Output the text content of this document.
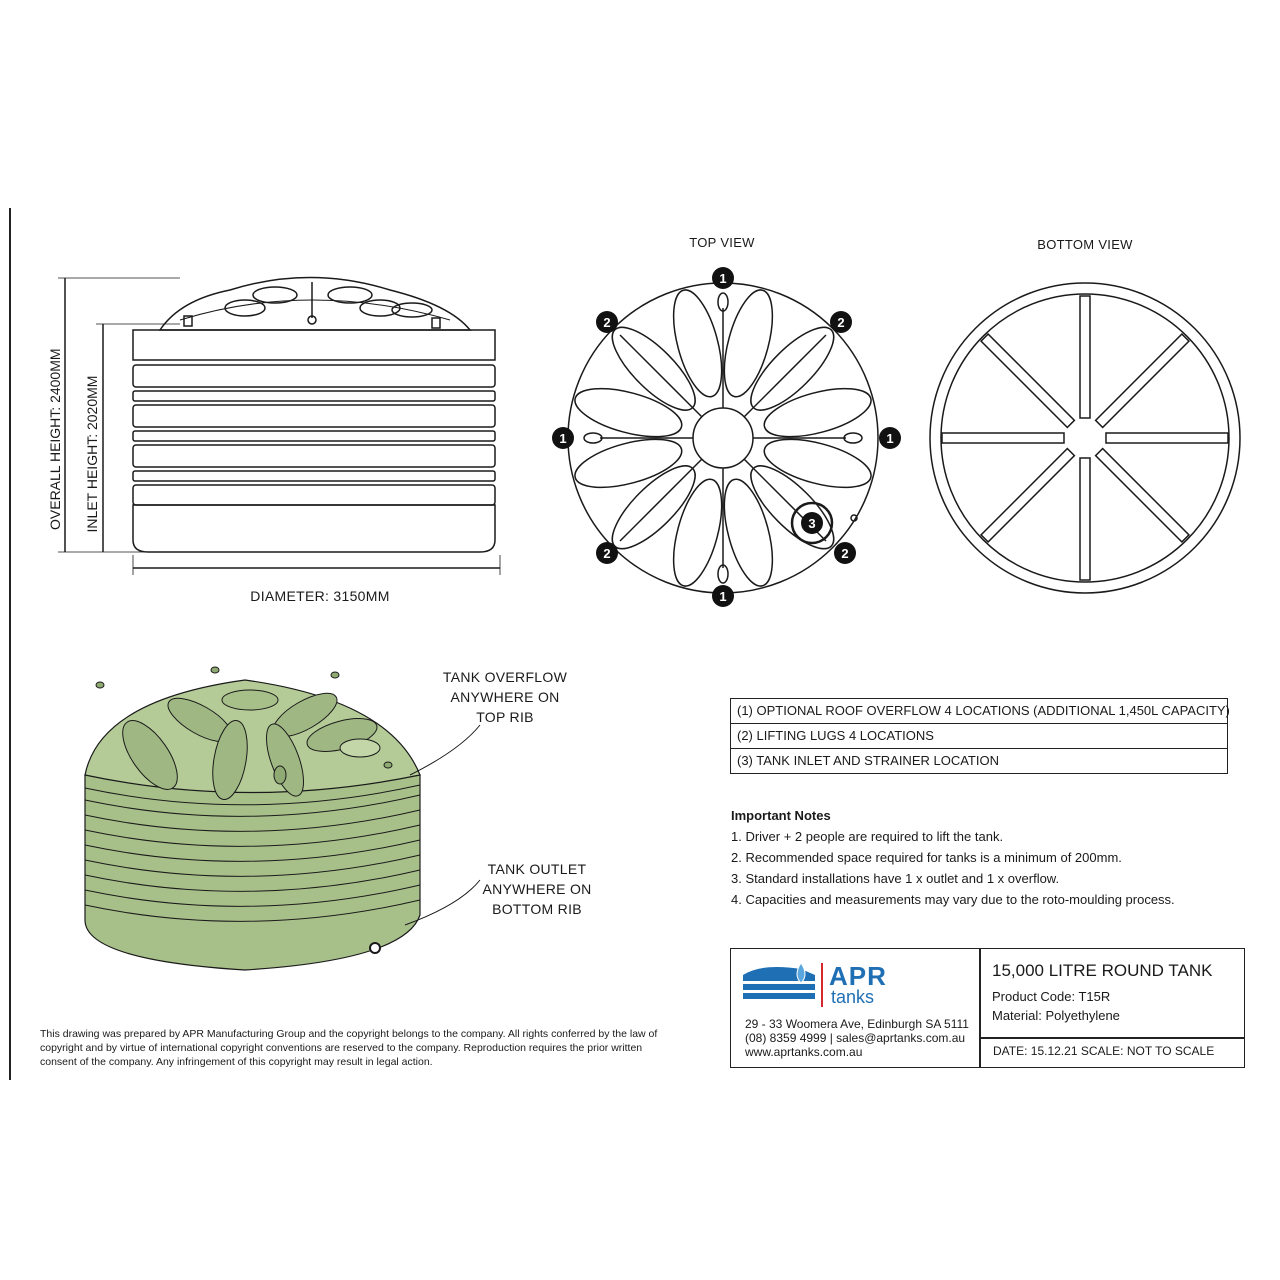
OVERALL HEIGHT: 2400MM INLET HEIGHT: 2020MM
DIAMETER: 3150MM
TOP VIEW
1
1
1	1
2	2
2	2
3
BOTTOM VIEW
TANK OVERFLOW
ANYWHERE ON
TOP RIB
TANK OUTLET
ANYWHERE ON
BOTTOM RIB
(1) OPTIONAL ROOF OVERFLOW 4 LOCATIONS (ADDITIONAL 1,450L CAPACITY)
(2) LIFTING LUGS 4 LOCATIONS
(3) TANK INLET AND STRAINER LOCATION
Important Notes
1. Driver + 2 people are required to lift the tank.
2. Recommended space required for tanks is a minimum of 200mm.
3. Standard installations have 1 x outlet and 1 x overflow.
4. Capacities and measurements may vary due to the roto-moulding process.
APR
tanks
29 - 33 Woomera Ave, Edinburgh SA 5111
(08) 8359 4999 | sales@aprtanks.com.au
www.aprtanks.com.au
15,000 LITRE ROUND TANK
Product Code: T15R
Material: Polyethylene
DATE: 15.12.21 SCALE: NOT TO SCALE
This drawing was prepared by APR Manufacturing Group and the copyright belongs to the company. All rights conferred by the law of copyright and by virtue of international copyright conventions are reserved to the company. Reproduction requires the prior written consent of the company. Any infringement of this copyright may result in legal action.
